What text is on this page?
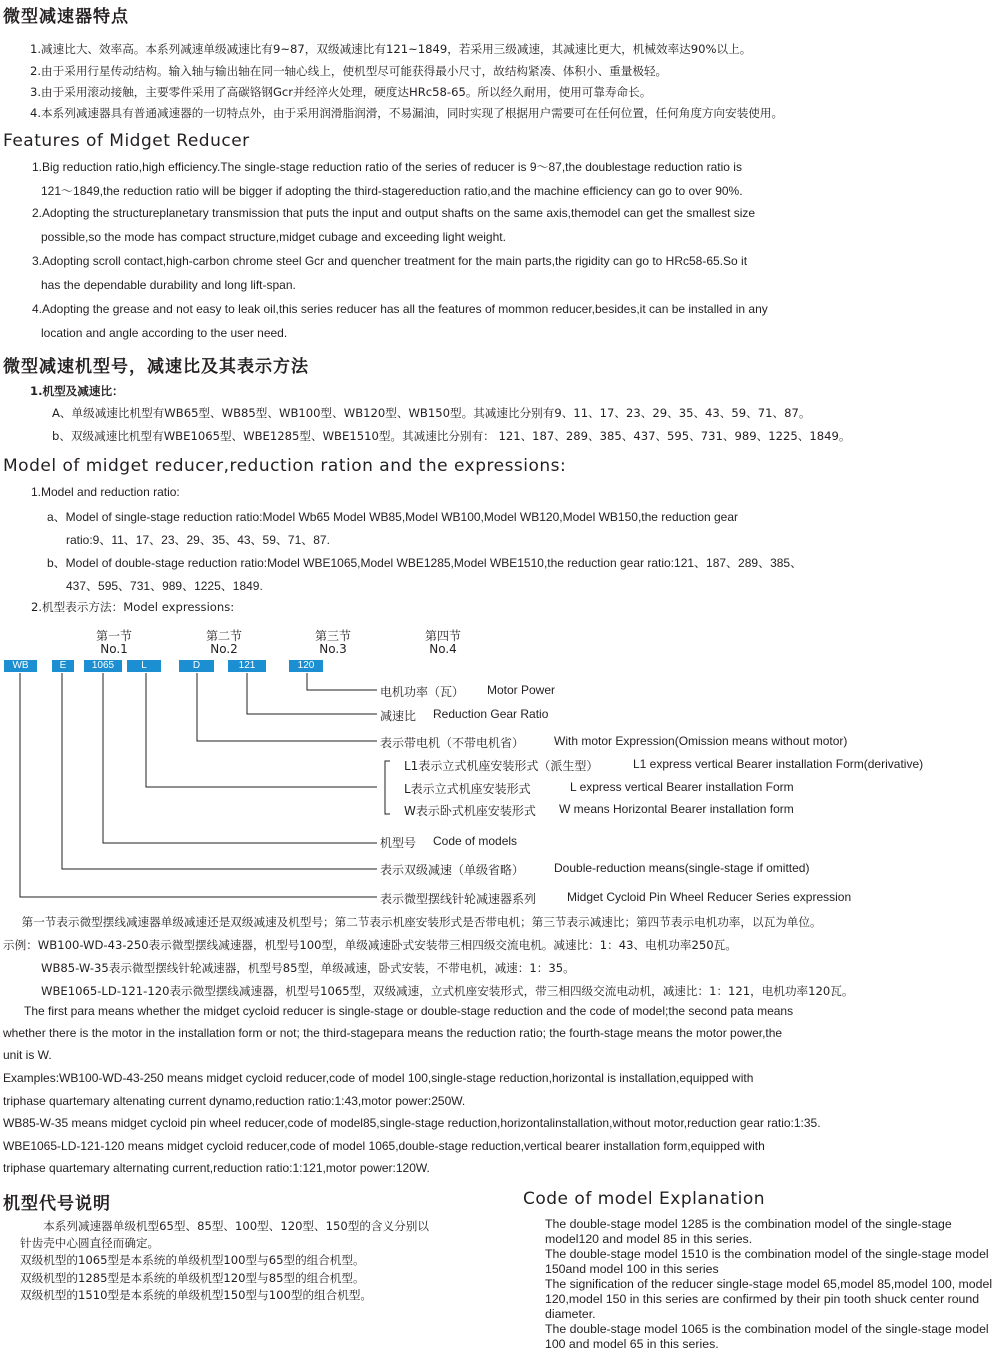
微型减速器特点
1.减速比大、效率高。本系列减速单级减速比有9~87，双级减速比有121~1849，若采用三级减速，其减速比更大，机械效率达90%以上。
2.由于采用行星传动结构。输入轴与输出轴在同一轴心线上，使机型尽可能获得最小尺寸，故结构紧凑、体积小、重量极轻。
3.由于采用滚动接触，主要零件采用了高碳铬钢Gcr并经淬火处理，硬度达HRc58-65。所以经久耐用，使用可靠寿命长。
4.本系列减速器具有普通减速器的一切特点外，由于采用润滑脂润滑，不易漏油，同时实现了根据用户需要可在任何位置，任何角度方向安装使用。
Features of Midget Reducer
1.Big reduction ratio,high efficiency.The single-stage reduction ratio of the series of reducer is 9～87,the doublestage reduction ratio is
121～1849,the reduction ratio will be bigger if adopting the third-stagereduction ratio,and the machine efficiency can go to over 90%.
2.Adopting the structureplanetary transmission that puts the input and output shafts on the same axis,themodel can get the smallest size
possible,so the mode has compact structure,midget cubage and exceeding light weight.
3.Adopting scroll contact,high-carbon chrome steel Gcr and quencher treatment for the main parts,the rigidity can go to HRc58-65.So it
has the dependable durability and long lift-span.
4.Adopting the grease and not easy to leak oil,this series reducer has all the features of mommon reducer,besides,it can be installed in any
location and angle according to the user need.
微型减速机型号，减速比及其表示方法
1.机型及减速比：
A、单级减速比机型有WB65型、WB85型、WB100型、WB120型、WB150型。其减速比分别有9、11、17、23、29、35、43、59、71、87。
b、双级减速比机型有WBE1065型、WBE1285型、WBE1510型。其减速比分别有： 121、187、289、385、437、595、731、989、1225、1849。
Model of midget reducer,reduction ration and the expressions:
1.Model and reduction ratio:
a、Model of single-stage reduction ratio:Model Wb65 Model WB85,Model WB100,Model WB120,Model WB150,the reduction gear
ratio:9、11、17、23、29、35、43、59、71、87.
b、Model of double-stage reduction ratio:Model WBE1065,Model WBE1285,Model WBE1510,the reduction gear ratio:121、187、289、385、
437、595、731、989、1225、1849.
2.机型表示方法：Model expressions:
第一节
No.1
第二节
No.2
第三节
No.3
第四节
No.4
WB	E	1065	L	D	121	120
电机功率（瓦） Motor Power
减速比 Reduction Gear Ratio
表示带电机（不带电机省） With motor Expression(Omission means without motor)
L1表示立式机座安装形式（派生型）	L1 express vertical Bearer installation Form(derivative)
L表示立式机座安装形式	L express vertical Bearer installation Form
W表示卧式机座安装形式 W means Horizontal Bearer installation form
机型号 Code of models
表示双级减速（单级省略） Double-reduction means(single-stage if omitted)
表示微型摆线针轮减速器系列	Midget Cycloid Pin Wheel Reducer Series expression
　第一节表示微型摆线减速器单级减速还是双级减速及机型号；第二节表示机座安装形式是否带电机；第三节表示减速比；第四节表示电机功率，以瓦为单位。
示例：WB100-WD-43-250表示微型摆线减速器，机型号100型，单级减速卧式安装带三相四级交流电机。减速比：1：43、电机功率250瓦。
WB85-W-35表示微型摆线针轮减速器，机型号85型，单级减速，卧式安装，不带电机，减速：1：35。
WBE1065-LD-121-120表示微型摆线减速器，机型号1065型，双级减速，立式机座安装形式，带三相四级交流电动机，减速比：1：121，电机功率120瓦。
The first para means whether the midget cycloid reducer is single-stage or double-stage reduction and the code of model;the second pata means
whether there is the motor in the installation form or not; the third-stagepara means the reduction ratio; the fourth-stage means the motor power,the
unit is W.
Examples:WB100-WD-43-250 means midget cycloid reducer,code of model 100,single-stage reduction,horizontal is installation,equipped with
triphase quartemary altenating current dynamo,reduction ratio:1:43,motor power:250W.
WB85-W-35 means midget cycloid pin wheel reducer,code of model85,single-stage reduction,horizontalinstallation,without motor,reduction gear ratio:1:35.
WBE1065-LD-121-120 means midget cycloid reducer,code of model 1065,double-stage reduction,vertical bearer installation form,equipped with
triphase quartemary alternating current,reduction ratio:1:121,motor power:120W.
机型代号说明	Code of model Explanation
　　本系列减速器单级机型65型、85型、100型、120型、150型的含义分别以
针齿壳中心圆直径而确定。
双级机型的1065型是本系统的单级机型100型与65型的组合机型。
双级机型的1285型是本系统的单级机型120型与85型的组合机型。
双级机型的1510型是本系统的单级机型150型与100型的组合机型。
The double-stage model 1285 is the combination model of the single-stage model120 and model 85 in this series.
The double-stage model 1510 is the combination model of the single-stage model 150and model 100 in this series
The signification of the reducer single-stage model 65,model 85,model 100, model 120,model 150 in this series are confirmed by their pin tooth shuck center round diameter.
The double-stage model 1065 is the combination model of the single-stage model 100 and model 65 in this series.
